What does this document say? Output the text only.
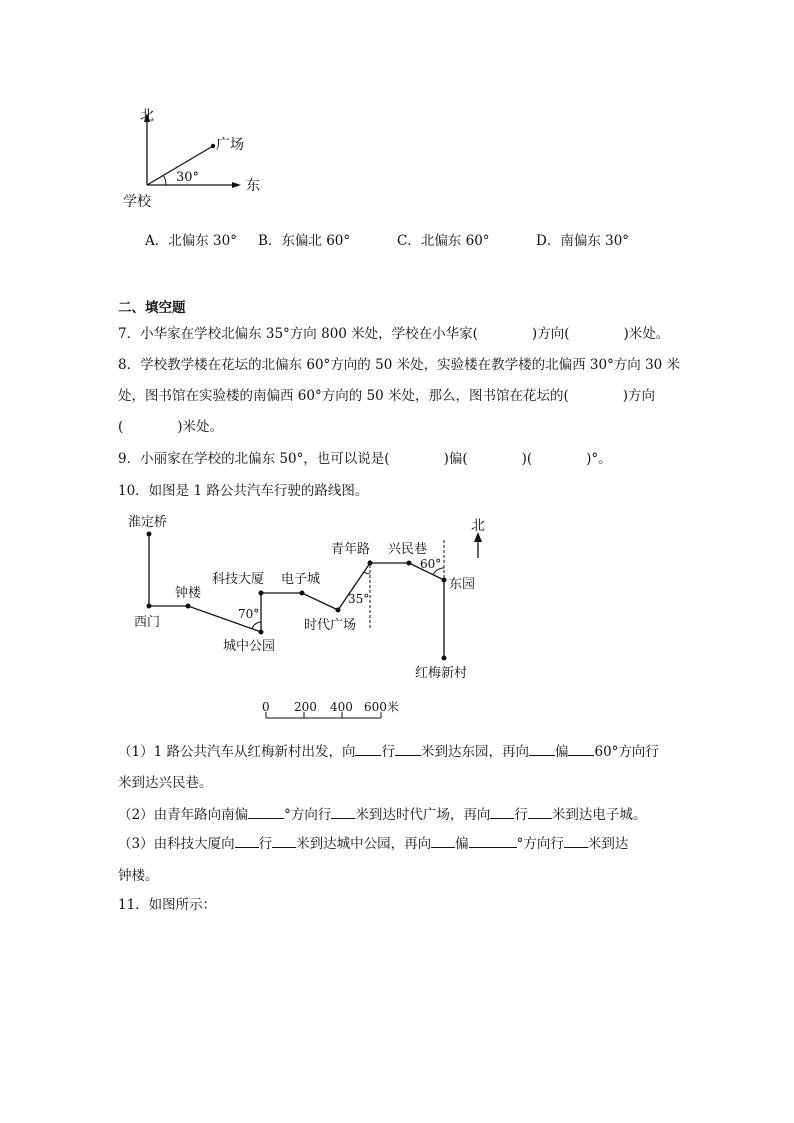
北
广场
30°
东
学校
A．北偏东 30° B．东偏北 60°	C．北偏东 60°	D．南偏东 30°
二、填空题
7．小华家在学校北偏东 35°方向 800 米处，学校在小华家(　　　　)方向(　　　　)米处。
8．学校教学楼在花坛的北偏东 60°方向的 50 米处，实验楼在教学楼的北偏西 30°方向 30 米
处，图书馆在实验楼的南偏西 60°方向的 50 米处，那么，图书馆在花坛的(　　　　)方向
(　　　　)米处。
9．小丽家在学校的北偏东 50°，也可以说是(　　　　)偏(　　　　)(　　　　)°。
10．如图是 1 路公共汽车行驶的路线图。
北
淮定桥
西门
钟楼
科技大厦
城中公园
电子城
时代广场
青年路 兴民巷
东园
红梅新村
70°
35°
60°
0 200 400 600米
（1）1 路公共汽车从红梅新村出发，向 行 米到达东园，再向 偏 60°方向行
米到达兴民巷。
（2）由青年路向南偏	°方向行 米到达时代广场，再向 行 米到达电子城。
（3）由科技大厦向 行 米到达城中公园，再向 偏	°方向行 米到达
钟楼。
11．如图所示：
